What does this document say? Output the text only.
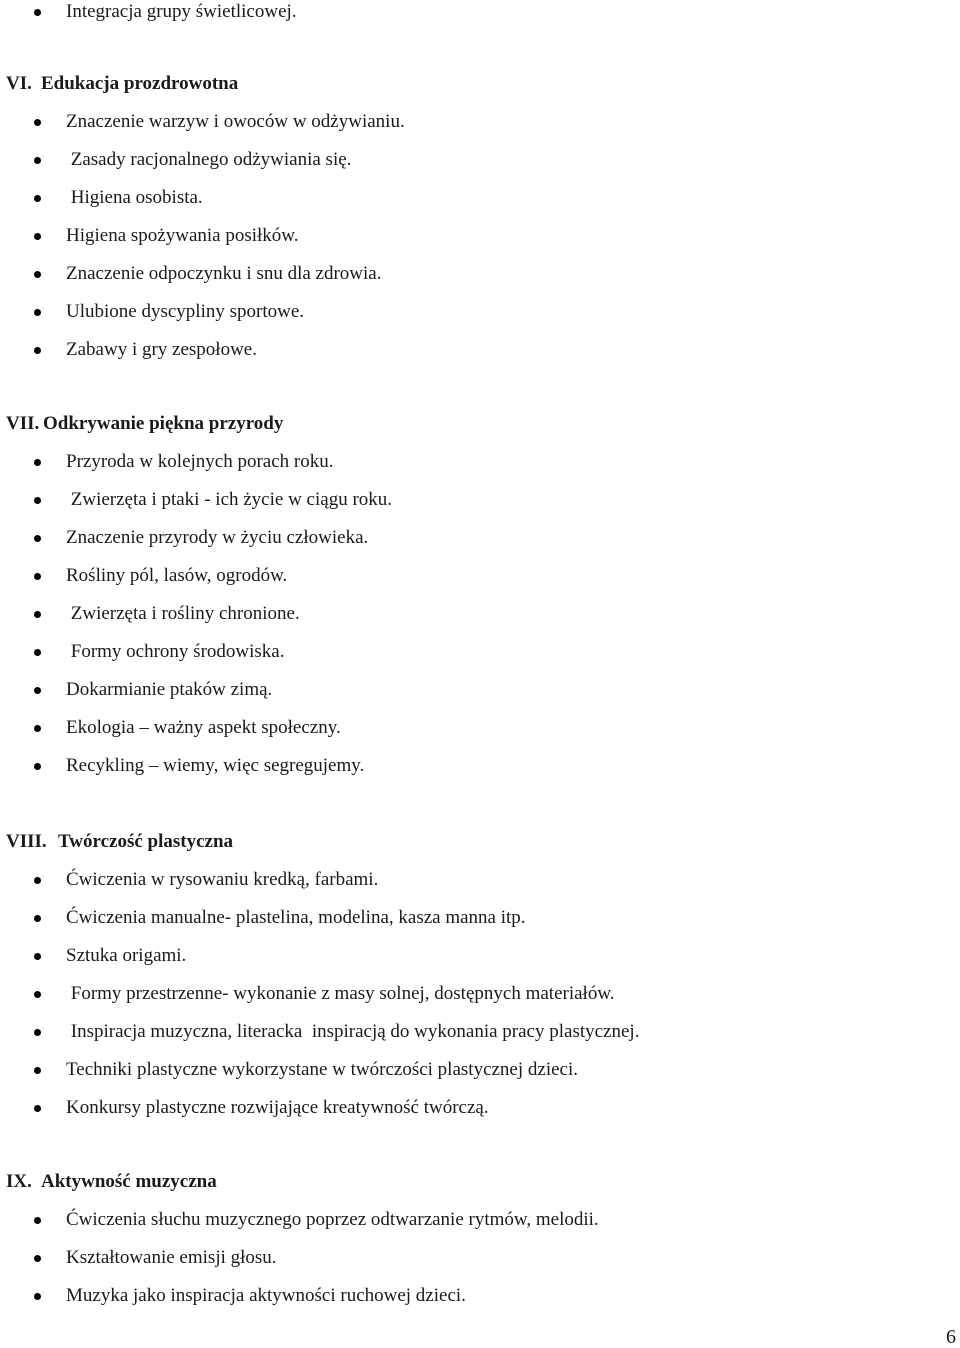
Integracja grupy świetlicowej.
VI. Edukacja prozdrowotna
Znaczenie warzyw i owoców w odżywianiu.
Zasady racjonalnego odżywiania się.
Higiena osobista.
Higiena spożywania posiłków.
Znaczenie odpoczynku i snu dla zdrowia.
Ulubione dyscypliny sportowe.
Zabawy i gry zespołowe.
VII. Odkrywanie piękna przyrody
Przyroda w kolejnych porach roku.
Zwierzęta i ptaki - ich życie w ciągu roku.
Znaczenie przyrody w życiu człowieka.
Rośliny pól, lasów, ogrodów.
Zwierzęta i rośliny chronione.
Formy ochrony środowiska.
Dokarmianie ptaków zimą.
Ekologia – ważny aspekt społeczny.
Recykling – wiemy, więc segregujemy.
VIII. Twórczość plastyczna
Ćwiczenia w rysowaniu kredką, farbami.
Ćwiczenia manualne- plastelina, modelina, kasza manna itp.
Sztuka origami.
Formy przestrzenne- wykonanie z masy solnej, dostępnych materiałów.
Inspiracja muzyczna, literacka  inspiracją do wykonania pracy plastycznej.
Techniki plastyczne wykorzystane w twórczości plastycznej dzieci.
Konkursy plastyczne rozwijające kreatywność twórczą.
IX. Aktywność muzyczna
Ćwiczenia słuchu muzycznego poprzez odtwarzanie rytmów, melodii.
Kształtowanie emisji głosu.
Muzyka jako inspiracja aktywności ruchowej dzieci.
6
